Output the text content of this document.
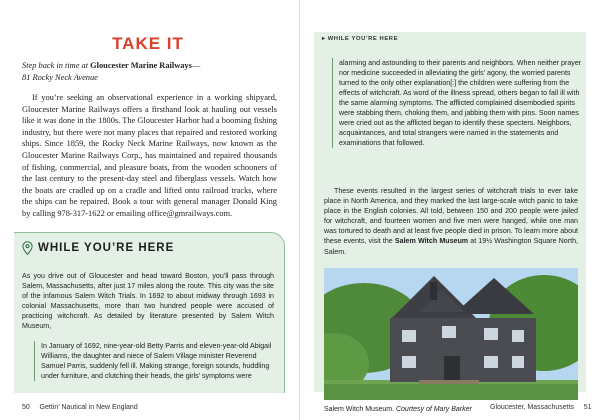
TAKE IT

Step back in time at Gloucester Marine Railways—
81 Rocky Neck Avenue

If you’re seeking an observational experience in a working shipyard, Gloucester Marine Railways offers a firsthand look at hauling out vessels like it was done in the 1800s. The Gloucester Harbor had a booming fishing industry, but there were not many places that repaired and restored working ships. Since 1859, the Rocky Neck Marine Railways, now known as the Gloucester Marine Railways Corp., has maintained and repaired thousands of fishing, commercial, and pleasure boats, from the wooden schooners of the last century to the present-day steel and fiberglass vessels. Watch how the boats are cradled up on a cradle and lifted onto railroad tracks, where the ships can be repaired. Book a tour with general manager Donald King by calling 978-317-1622 or emailing office@gmrailways.com.

WHILE YOU’RE HERE

As you drive out of Gloucester and head toward Boston, you’ll pass through Salem, Massachusetts, after just 17 miles along the route. This city was the site of the infamous Salem Witch Trials. In 1692 to about midway through 1693 in colonial Massachusetts, more than two hundred people were accused of practicing witchcraft. As detailed by literature presented by Salem Witch Museum,

In January of 1692, nine-year-old Betty Parris and eleven-year-old Abigail Williams, the daughter and niece of Salem Village minister Reverend Samuel Parris, suddenly fell ill. Making strange, foreign sounds, huddling under furniture, and clutching their heads, the girls’ symptoms were

50 Gettin’ Nautical in New England
▸ WHILE YOU’RE HERE

alarming and astounding to their parents and neighbors. When neither prayer nor medicine succeeded in alleviating the girls’ agony, the worried parents turned to the only other explanation[:] the children were suffering from the effects of witchcraft. As word of the illness spread, others began to fall ill with the same alarming symptoms. The afflicted complained disembodied spirits were stabbing them, choking them, and jabbing them with pins. Soon names were cried out as the afflicted began to identify these specters. Neighbors, acquaintances, and total strangers were named in the statements and examinations that followed.

These events resulted in the largest series of witchcraft trials to ever take place in North America, and they marked the last large-scale witch panic to take place in the English colonies. All told, between 150 and 200 people were jailed for witchcraft, and fourteen women and five men were hanged, while one man was tortured to death and at least five people died in prison. To learn more about these events, visit the Salem Witch Museum at 19½ Washington Square North, Salem.

Salem Witch Museum. Courtesy of Mary Barker	Gloucester, Massachusetts 51
